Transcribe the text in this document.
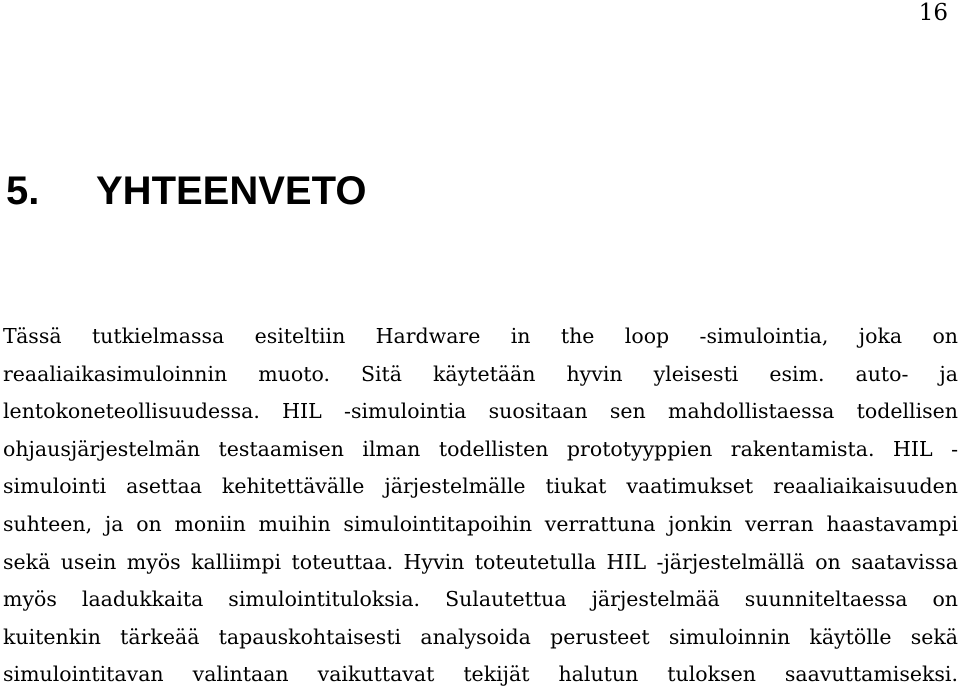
16
5. YHTEENVETO
Tässä tutkielmassa esiteltiin Hardware in the loop -simulointia, joka on
reaaliaikasimuloinnin muoto. Sitä käytetään hyvin yleisesti esim. auto- ja
lentokoneteollisuudessa. HIL -simulointia suositaan sen mahdollistaessa todellisen
ohjausjärjestelmän testaamisen ilman todellisten prototyyppien rakentamista. HIL -
simulointi asettaa kehitettävälle järjestelmälle tiukat vaatimukset reaaliaikaisuuden
suhteen, ja on moniin muihin simulointitapoihin verrattuna jonkin verran haastavampi
sekä usein myös kalliimpi toteuttaa. Hyvin toteutetulla HIL -järjestelmällä on saatavissa
myös laadukkaita simulointituloksia. Sulautettua järjestelmää suunniteltaessa on
kuitenkin tärkeää tapauskohtaisesti analysoida perusteet simuloinnin käytölle sekä
simulointitavan valintaan vaikuttavat tekijät halutun tuloksen saavuttamiseksi.
